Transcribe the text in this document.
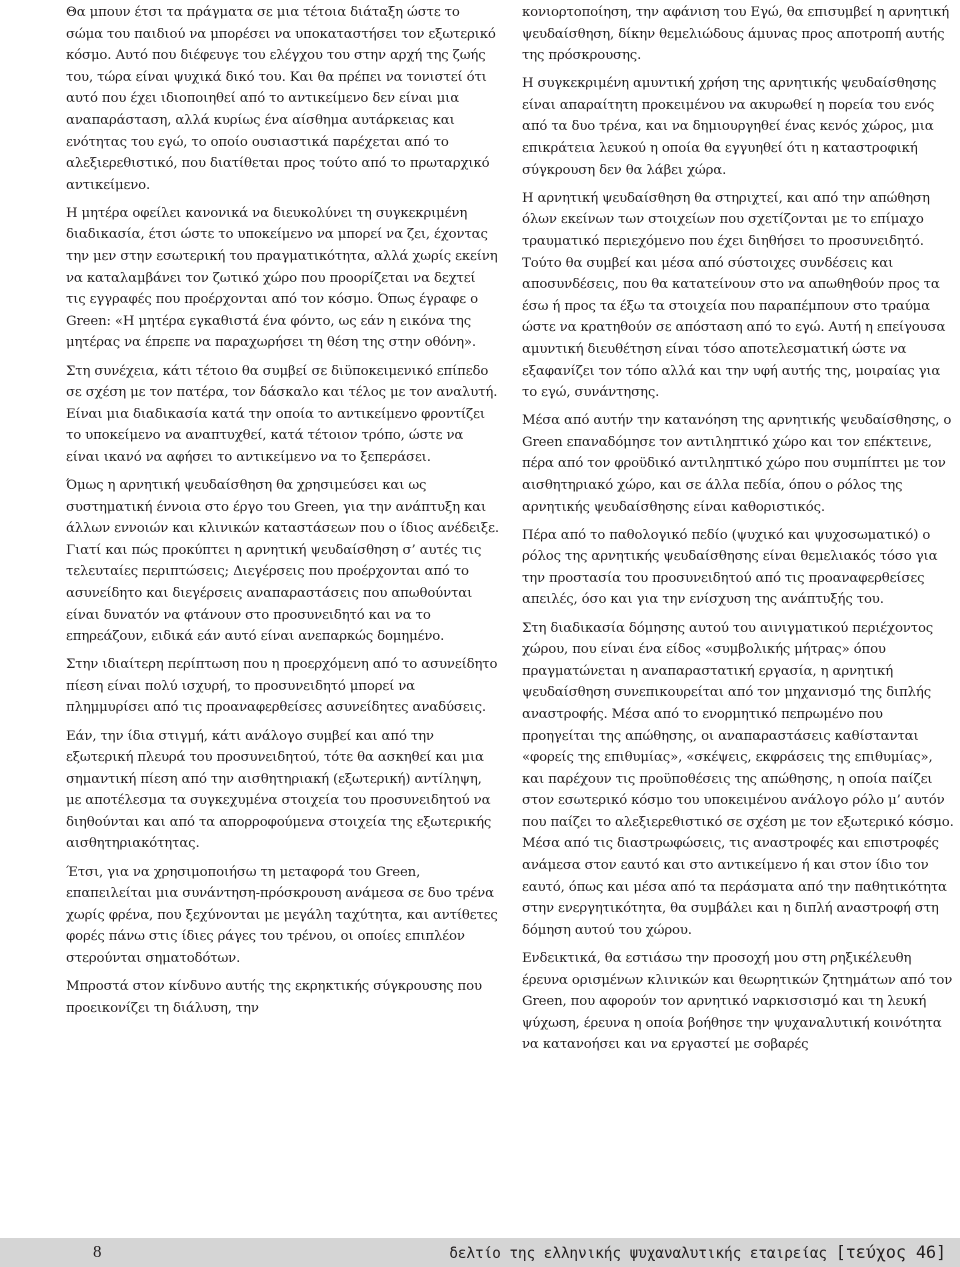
Θα μπουν έτσι τα πράγματα σε μια τέτοια διάταξη ώστε το σώμα του παιδιού να μπορέσει να υποκαταστήσει τον εξωτερικό κόσμο. Αυτό που διέφευγε του ελέγχου του στην αρχή της ζωής του, τώρα είναι ψυχικά δικό του. Και θα πρέπει να τονιστεί ότι αυτό που έχει ιδιοποιηθεί από το αντικείμενο δεν είναι μια αναπαράσταση, αλλά κυρίως ένα αίσθημα αυτάρκειας και ενότητας του εγώ, το οποίο ουσιαστικά παρέχεται από το αλεξιερεθιστικό, που διατίθεται προς τούτο από το πρωταρχικό αντικείμενο.

Η μητέρα οφείλει κανονικά να διευκολύνει τη συγκεκριμένη διαδικασία, έτσι ώστε το υποκείμενο να μπορεί να ζει, έχοντας την μεν στην εσωτερική του πραγματικότητα, αλλά χωρίς εκείνη να καταλαμβάνει τον ζωτικό χώρο που προορίζεται να δεχτεί τις εγγραφές που προέρχονται από τον κόσμο. Όπως έγραφε ο Green: «Η μητέρα εγκαθιστά ένα φόντο, ως εάν η εικόνα της μητέρας να έπρεπε να παραχωρήσει τη θέση της στην οθόνη».

Στη συνέχεια, κάτι τέτοιο θα συμβεί σε διϋποκειμενικό επίπεδο σε σχέση με τον πατέρα, τον δάσκαλο και τέλος με τον αναλυτή. Είναι μια διαδικασία κατά την οποία το αντικείμενο φροντίζει το υποκείμενο να αναπτυχθεί, κατά τέτοιον τρόπο, ώστε να είναι ικανό να αφήσει το αντικείμενο να το ξεπεράσει.

Όμως η αρνητική ψευδαίσθηση θα χρησιμεύσει και ως συστηματική έννοια στο έργο του Green, για την ανάπτυξη και άλλων εννοιών και κλινικών καταστάσεων που ο ίδιος ανέδειξε. Γιατί και πώς προκύπτει η αρνητική ψευδαίσθηση σ’ αυτές τις τελευταίες περιπτώσεις; Διεγέρσεις που προέρχονται από το ασυνείδητο και διεγέρσεις αναπαραστάσεις που απωθούνται είναι δυνατόν να φτάνουν στο προσυνειδητό και να το επηρεάζουν, ειδικά εάν αυτό είναι ανεπαρκώς δομημένο.

Στην ιδιαίτερη περίπτωση που η προερχόμενη από το ασυνείδητο πίεση είναι πολύ ισχυρή, το προσυνειδητό μπορεί να πλημμυρίσει από τις προαναφερθείσες ασυνείδητες αναδύσεις.

Εάν, την ίδια στιγμή, κάτι ανάλογο συμβεί και από την εξωτερική πλευρά του προσυνειδητού, τότε θα ασκηθεί και μια σημαντική πίεση από την αισθητηριακή (εξωτερική) αντίληψη, με αποτέλεσμα τα συγκεχυμένα στοιχεία του προσυνειδητού να διηθούνται και από τα απορροφούμενα στοιχεία της εξωτερικής αισθητηριακότητας.

Έτσι, για να χρησιμοποιήσω τη μεταφορά του Green, επαπειλείται μια συνάντηση-πρόσκρουση ανάμεσα σε δυο τρένα χωρίς φρένα, που ξεχύνονται με μεγάλη ταχύτητα, και αντίθετες φορές πάνω στις ίδιες ράγες του τρένου, οι οποίες επιπλέον στερούνται σηματοδότων.

Μπροστά στον κίνδυνο αυτής της εκρηκτικής σύγκρουσης που προεικονίζει τη διάλυση, την

κονιορτοποίηση, την αφάνιση του Εγώ, θα επισυμβεί η αρνητική ψευδαίσθηση, δίκην θεμελιώδους άμυνας προς αποτροπή αυτής της πρόσκρουσης.

Η συγκεκριμένη αμυντική χρήση της αρνητικής ψευδαίσθησης είναι απαραίτητη προκειμένου να ακυρωθεί η πορεία του ενός από τα δυο τρένα, και να δημιουργηθεί ένας κενός χώρος, μια επικράτεια λευκού η οποία θα εγγυηθεί ότι η καταστροφική σύγκρουση δεν θα λάβει χώρα.

Η αρνητική ψευδαίσθηση θα στηριχτεί, και από την απώθηση όλων εκείνων των στοιχείων που σχετίζονται με το επίμαχο τραυματικό περιεχόμενο που έχει διηθήσει το προσυνειδητό. Τούτο θα συμβεί και μέσα από σύστοιχες συνδέσεις και αποσυνδέσεις, που θα κατατείνουν στο να απωθηθούν προς τα έσω ή προς τα έξω τα στοιχεία που παραπέμπουν στο τραύμα ώστε να κρατηθούν σε απόσταση από το εγώ. Αυτή η επείγουσα αμυντική διευθέτηση είναι τόσο αποτελεσματική ώστε να εξαφανίζει τον τόπο αλλά και την υφή αυτής της, μοιραίας για το εγώ, συνάντησης.

Μέσα από αυτήν την κατανόηση της αρνητικής ψευδαίσθησης, ο Green επαναδόμησε τον αντιληπτικό χώρο και τον επέκτεινε, πέρα από τον φροϋδικό αντιληπτικό χώρο που συμπίπτει με τον αισθητηριακό χώρο, και σε άλλα πεδία, όπου ο ρόλος της αρνητικής ψευδαίσθησης είναι καθοριστικός.

Πέρα από το παθολογικό πεδίο (ψυχικό και ψυχοσωματικό) ο ρόλος της αρνητικής ψευδαίσθησης είναι θεμελιακός τόσο για την προστασία του προσυνειδητού από τις προαναφερθείσες απειλές, όσο και για την ενίσχυση της ανάπτυξής του.

Στη διαδικασία δόμησης αυτού του αινιγματικού περιέχοντος χώρου, που είναι ένα είδος «συμβολικής μήτρας» όπου πραγματώνεται η αναπαραστατική εργασία, η αρνητική ψευδαίσθηση συνεπικουρείται από τον μηχανισμό της διπλής αναστροφής. Μέσα από το ενορμητικό πεπρωμένο που προηγείται της απώθησης, οι αναπαραστάσεις καθίστανται «φορείς της επιθυμίας», «σκέψεις, εκφράσεις της επιθυμίας», και παρέχουν τις προϋποθέσεις της απώθησης, η οποία παίζει στον εσωτερικό κόσμο του υποκειμένου ανάλογο ρόλο μ’ αυτόν που παίζει το αλεξιερεθιστικό σε σχέση με τον εξωτερικό κόσμο. Μέσα από τις διαστρωφώσεις, τις αναστροφές και επιστροφές ανάμεσα στον εαυτό και στο αντικείμενο ή και στον ίδιο τον εαυτό, όπως και μέσα από τα περάσματα από την παθητικότητα στην ενεργητικότητα, θα συμβάλει και η διπλή αναστροφή στη δόμηση αυτού του χώρου.

Ενδεικτικά, θα εστιάσω την προσοχή μου στη ρηξικέλευθη έρευνα ορισμένων κλινικών και θεωρητικών ζητημάτων από τον Green, που αφορούν τον αρνητικό ναρκισσισμό και τη λευκή ψύχωση, έρευνα η οποία βοήθησε την ψυχαναλυτική κοινότητα να κατανοήσει και να εργαστεί με σοβαρές

8	δελτίο της ελληνικής ψυχαναλυτικής εταιρείας [τεύχος 46]
